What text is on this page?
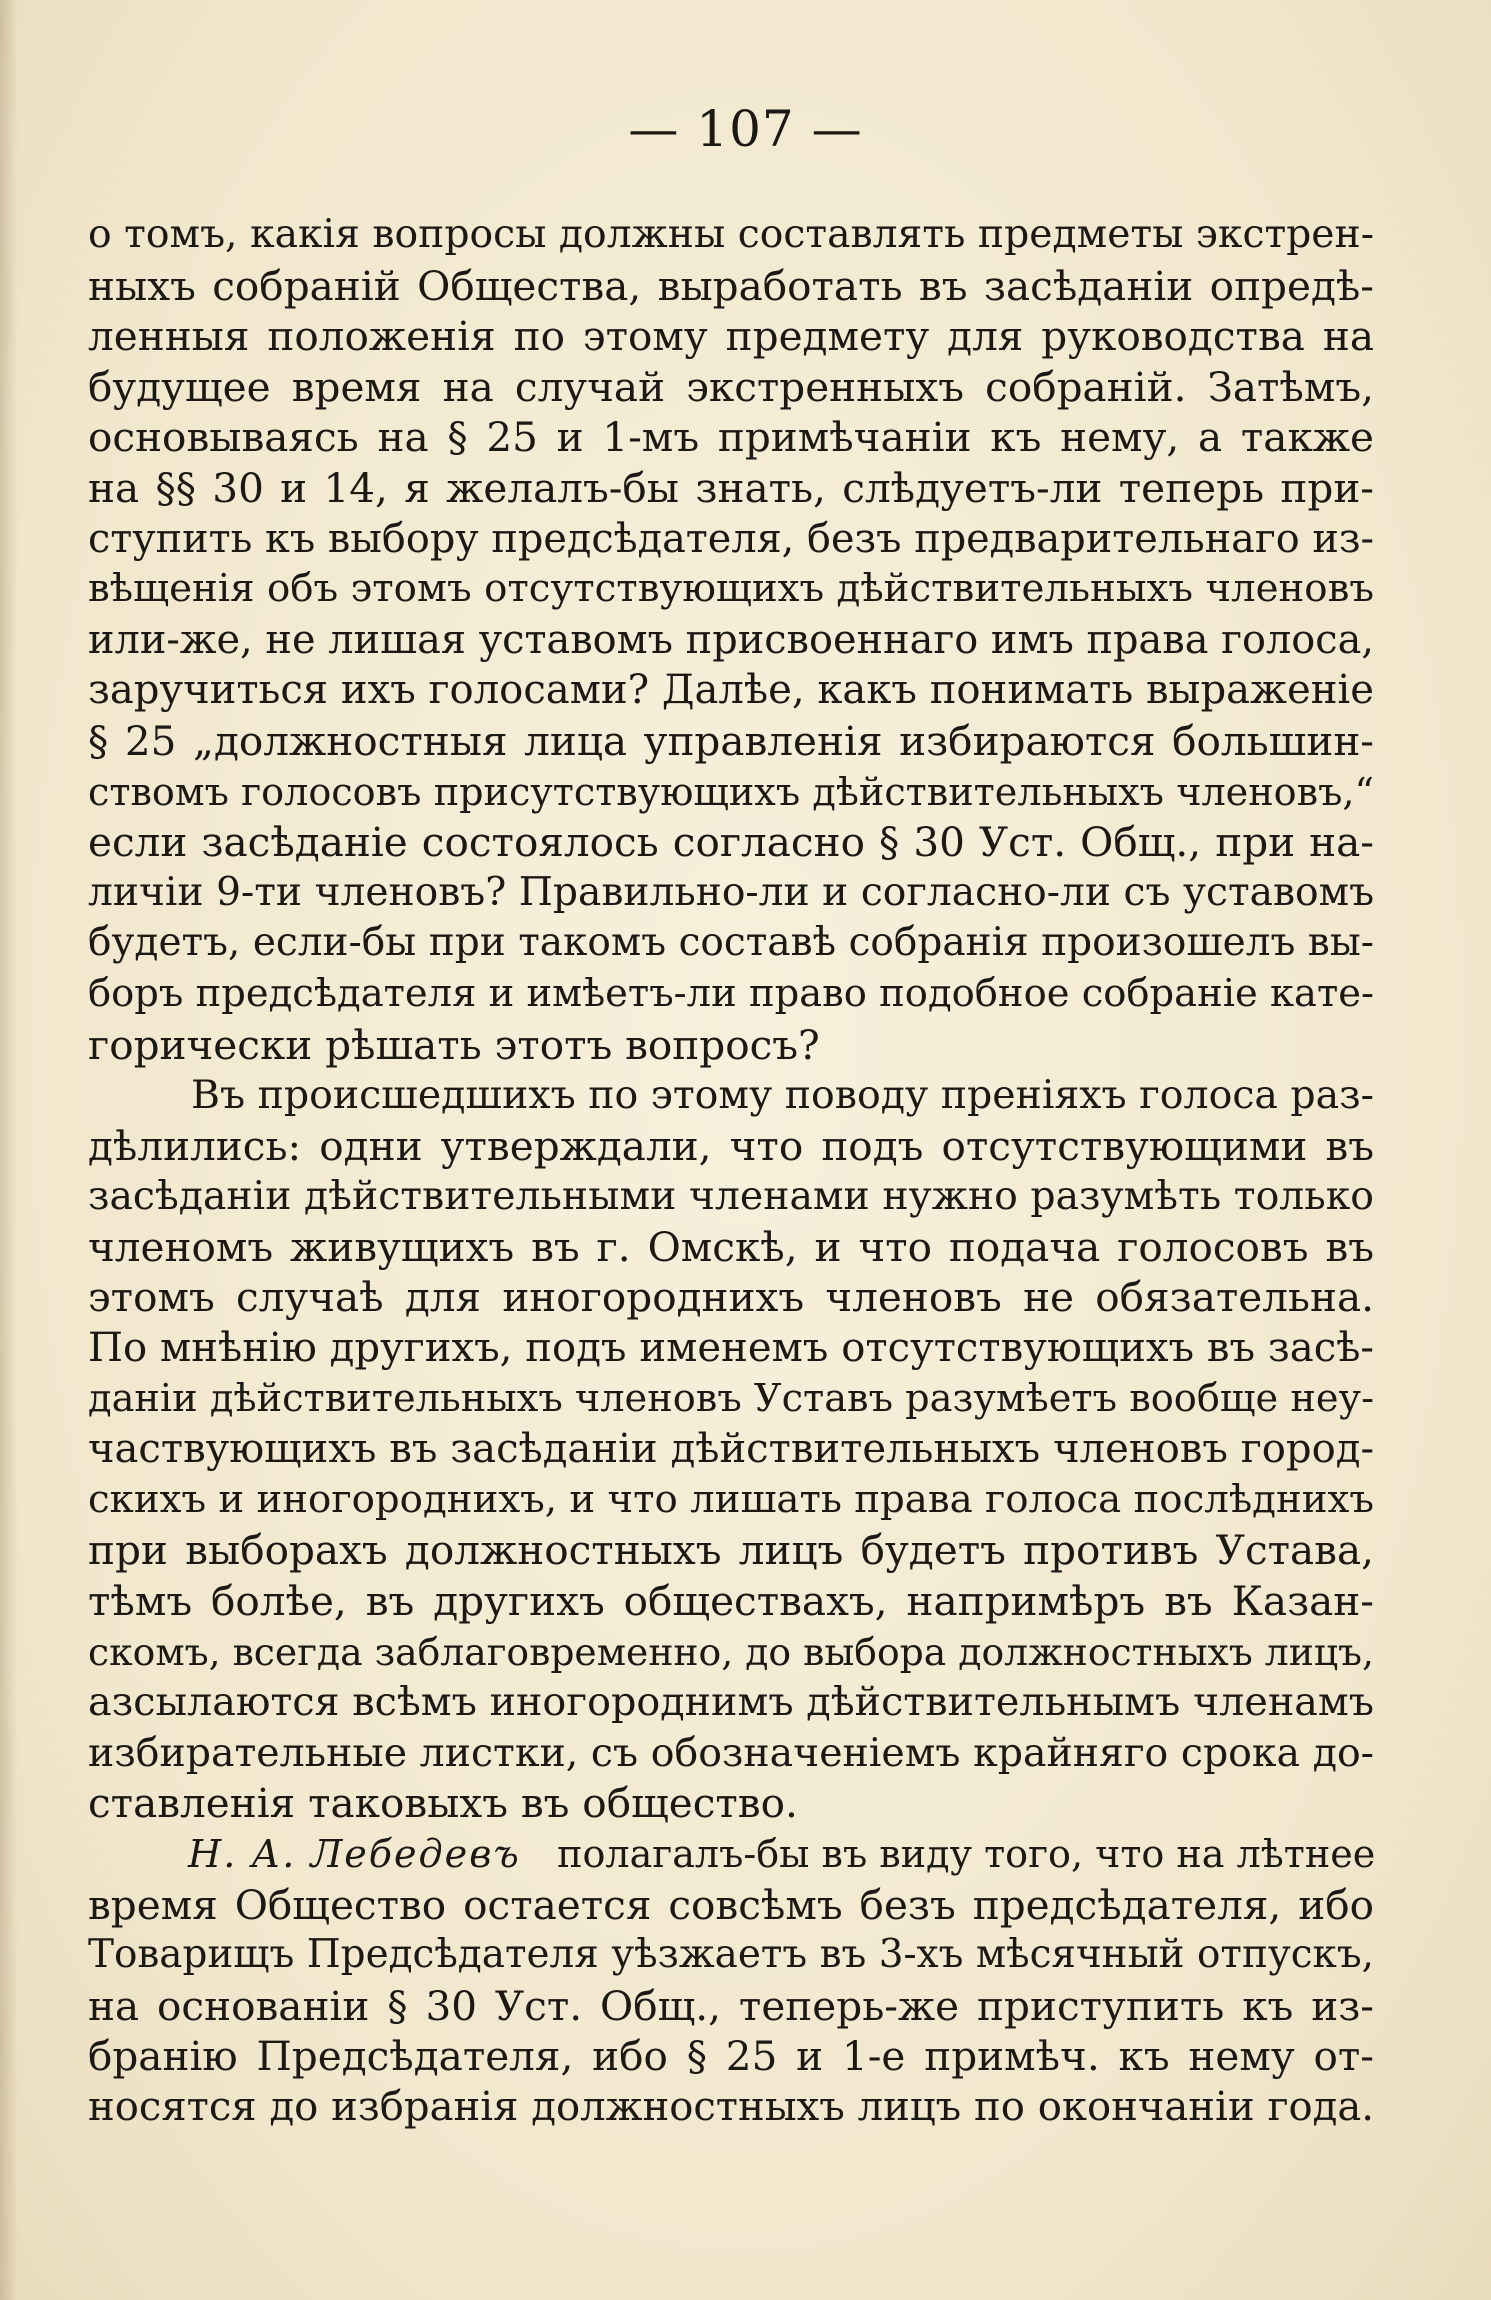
— 107 —
о томъ, какія вопросы должны составлять предметы экстрен-
ныхъ собраній Общества, выработать въ засѣданіи опредѣ-
ленныя положенія по этому предмету для руководства на
будущее время на случай экстренныхъ собраній. Затѣмъ,
основываясь на § 25 и 1-мъ примѣчаніи къ нему, а также
на §§ 30 и 14, я желалъ-бы знать, слѣдуетъ-ли теперь при-
ступить къ выбору предсѣдателя, безъ предварительнаго из-
вѣщенія объ этомъ отсутствующихъ дѣйствительныхъ членовъ
или-же, не лишая уставомъ присвоеннаго имъ права голоса,
заручиться ихъ голосами? Далѣе, какъ понимать выраженіе
§ 25 „должностныя лица управленія избираются большин-
ствомъ голосовъ присутствующихъ дѣйствительныхъ членовъ,“
если засѣданіе состоялось согласно § 30 Уст. Общ., при на-
личіи 9-ти членовъ? Правильно-ли и согласно-ли съ уставомъ
будетъ, если-бы при такомъ составѣ собранія произошелъ вы-
боръ предсѣдателя и имѣетъ-ли право подобное собраніе кате-
горически рѣшать этотъ вопросъ?
Въ происшедшихъ по этому поводу преніяхъ голоса раз-
дѣлились: одни утверждали, что подъ отсутствующими въ
засѣданіи дѣйствительными членами нужно разумѣть только
членомъ живущихъ въ г. Омскѣ, и что подача голосовъ въ
этомъ случаѣ для иногороднихъ членовъ не обязательна.
По мнѣнію другихъ, подъ именемъ отсутствующихъ въ засѣ-
даніи дѣйствительныхъ членовъ Уставъ разумѣетъ вообще неу-
частвующихъ въ засѣданіи дѣйствительныхъ членовъ город-
скихъ и иногороднихъ, и что лишать права голоса послѣднихъ
при выборахъ должностныхъ лицъ будетъ противъ Устава,
тѣмъ болѣе, въ другихъ обществахъ, напримѣръ въ Казан-
скомъ, всегда заблаговременно, до выбора должностныхъ лицъ,
азсылаются всѣмъ иногороднимъ дѣйствительнымъ членамъ
избирательные листки, съ обозначеніемъ крайняго срока до-
ставленія таковыхъ въ общество.
Н. А. Лебедевъ полагалъ-бы въ виду того, что на лѣтнее
время Общество остается совсѣмъ безъ предсѣдателя, ибо
Товарищъ Предсѣдателя уѣзжаетъ въ 3-хъ мѣсячный отпускъ,
на основаніи § 30 Уст. Общ., теперь-же приступить къ из-
бранію Предсѣдателя, ибо § 25 и 1-е примѣч. къ нему от-
носятся до избранія должностныхъ лицъ по окончаніи года.
